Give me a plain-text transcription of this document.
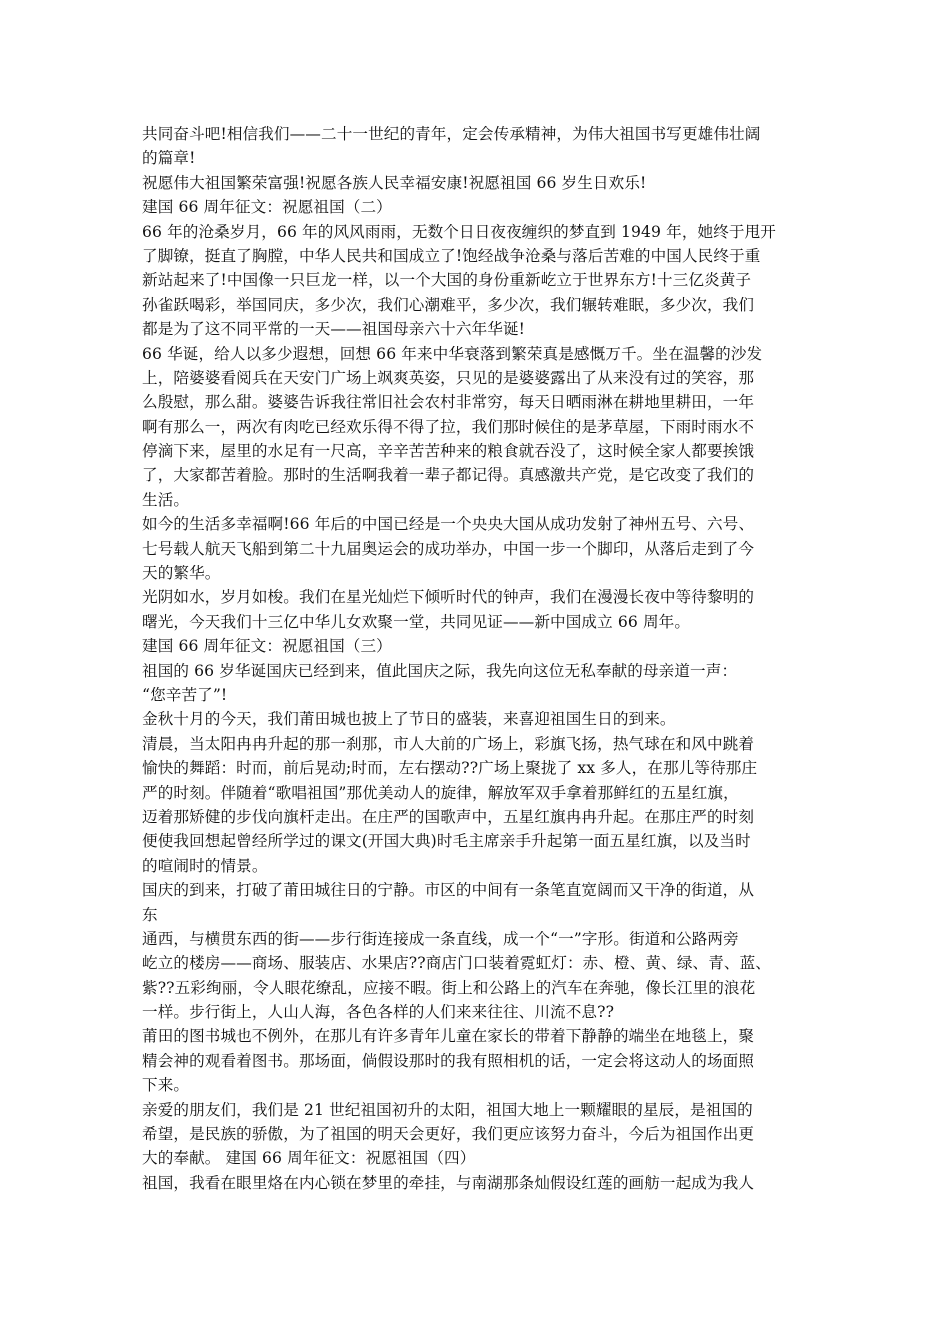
共同奋斗吧!相信我们——二十一世纪的青年，定会传承精神，为伟大祖国书写更雄伟壮阔
的篇章!
祝愿伟大祖国繁荣富强!祝愿各族人民幸福安康!祝愿祖国 66 岁生日欢乐!
建国 66 周年征文：祝愿祖国（二）
66 年的沧桑岁月，66 年的风风雨雨，无数个日日夜夜缠织的梦直到 1949 年，她终于甩开
了脚镣，挺直了胸膛，中华人民共和国成立了!饱经战争沧桑与落后苦难的中国人民终于重
新站起来了!中国像一只巨龙一样，以一个大国的身份重新屹立于世界东方!十三亿炎黄子
孙雀跃喝彩，举国同庆，多少次，我们心潮难平，多少次，我们辗转难眠，多少次，我们
都是为了这不同平常的一天——祖国母亲六十六年华诞!
66 华诞，给人以多少遐想，回想 66 年来中华衰落到繁荣真是感慨万千。坐在温馨的沙发
上，陪婆婆看阅兵在天安门广场上飒爽英姿，只见的是婆婆露出了从来没有过的笑容，那
么殷慰，那么甜。婆婆告诉我往常旧社会农村非常穷，每天日晒雨淋在耕地里耕田，一年
啊有那么一，两次有肉吃已经欢乐得不得了拉，我们那时候住的是茅草屋，下雨时雨水不
停滴下来，屋里的水足有一尺高，辛辛苦苦种来的粮食就吞没了，这时候全家人都要挨饿
了，大家都苦着脸。那时的生活啊我着一辈子都记得。真感激共产党，是它改变了我们的
生活。
如今的生活多幸福啊!66 年后的中国已经是一个央央大国从成功发射了神州五号、六号、
七号载人航天飞船到第二十九届奥运会的成功举办，中国一步一个脚印，从落后走到了今
天的繁华。
光阴如水，岁月如梭。我们在星光灿烂下倾听时代的钟声，我们在漫漫长夜中等待黎明的
曙光，今天我们十三亿中华儿女欢聚一堂，共同见证——新中国成立 66 周年。
建国 66 周年征文：祝愿祖国（三）
祖国的 66 岁华诞国庆已经到来，值此国庆之际，我先向这位无私奉献的母亲道一声：
“您辛苦了”!
金秋十月的今天，我们莆田城也披上了节日的盛装，来喜迎祖国生日的到来。
清晨，当太阳冉冉升起的那一刹那，市人大前的广场上，彩旗飞扬，热气球在和风中跳着
愉快的舞蹈：时而，前后晃动;时而，左右摆动??广场上聚拢了 xx 多人，在那儿等待那庄
严的时刻。伴随着“歌唱祖国”那优美动人的旋律，解放军双手拿着那鲜红的五星红旗，
迈着那矫健的步伐向旗杆走出。在庄严的国歌声中，五星红旗冉冉升起。在那庄严的时刻
便使我回想起曾经所学过的课文(开国大典)时毛主席亲手升起第一面五星红旗，以及当时
的喧闹时的情景。
国庆的到来，打破了莆田城往日的宁静。市区的中间有一条笔直宽阔而又干净的街道，从
东
通西，与横贯东西的街——步行街连接成一条直线，成一个“一”字形。街道和公路两旁
屹立的楼房——商场、服装店、水果店??商店门口装着霓虹灯：赤、橙、黄、绿、青、蓝、
紫??五彩绚丽，令人眼花缭乱，应接不暇。街上和公路上的汽车在奔驰，像长江里的浪花
一样。步行街上，人山人海，各色各样的人们来来往往、川流不息??
莆田的图书城也不例外，在那儿有许多青年儿童在家长的带着下静静的端坐在地毯上，聚
精会神的观看着图书。那场面，倘假设那时的我有照相机的话，一定会将这动人的场面照
下来。
亲爱的朋友们，我们是 21 世纪祖国初升的太阳，祖国大地上一颗耀眼的星辰，是祖国的
希望，是民族的骄傲，为了祖国的明天会更好，我们更应该努力奋斗，今后为祖国作出更
大的奉献。 建国 66 周年征文：祝愿祖国（四）
祖国，我看在眼里烙在内心锁在梦里的牵挂，与南湖那条灿假设红莲的画舫一起成为我人
